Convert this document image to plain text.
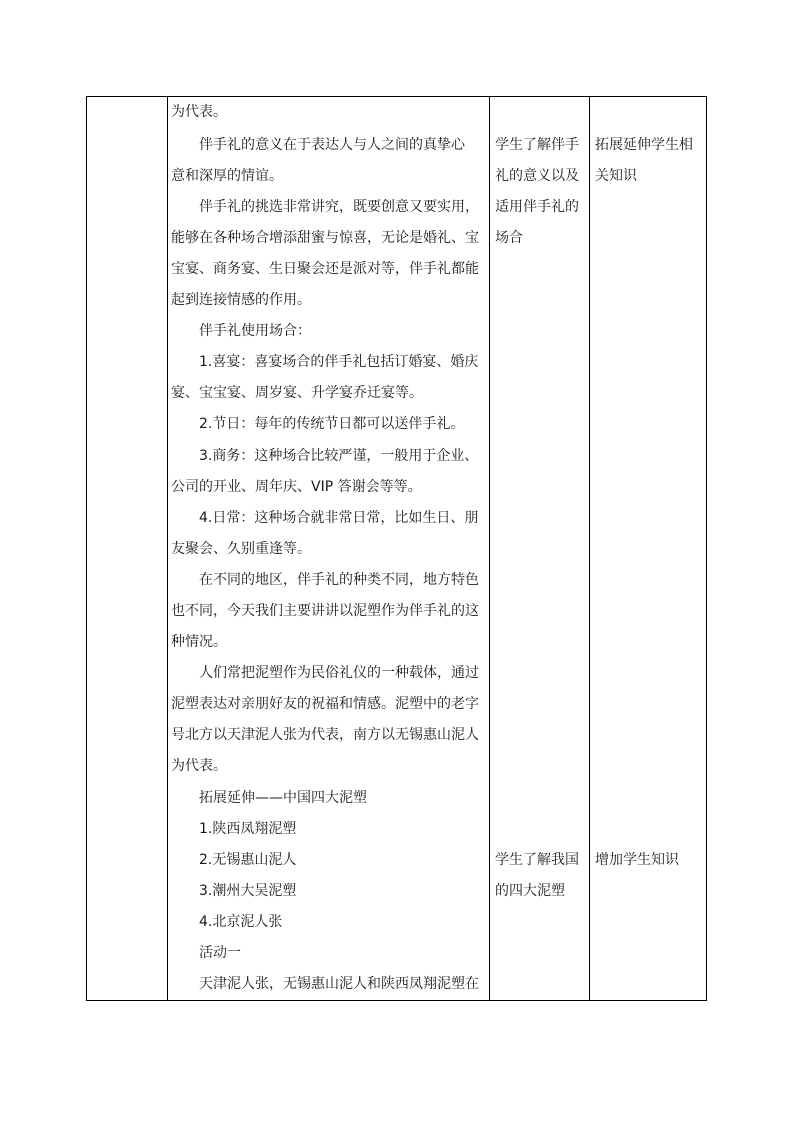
为代表。

伴手礼的意义在于表达人与人之间的真挚心

意和深厚的情谊。

伴手礼的挑选非常讲究，既要创意又要实用，

能够在各种场合增添甜蜜与惊喜，无论是婚礼、宝

宝宴、商务宴、生日聚会还是派对等，伴手礼都能

起到连接情感的作用。

伴手礼使用场合：

1.喜宴：喜宴场合的伴手礼包括订婚宴、婚庆

宴、宝宝宴、周岁宴、升学宴乔迁宴等。

2.节日：每年的传统节日都可以送伴手礼。

3.商务：这种场合比较严谨，一般用于企业、

公司的开业、周年庆、VIP 答谢会等等。

4.日常：这种场合就非常日常，比如生日、朋

友聚会、久别重逢等。

在不同的地区，伴手礼的种类不同，地方特色

也不同，今天我们主要讲讲以泥塑作为伴手礼的这

种情况。

人们常把泥塑作为民俗礼仪的一种载体，通过

泥塑表达对亲朋好友的祝福和情感。泥塑中的老字

号北方以天津泥人张为代表，南方以无锡惠山泥人

为代表。

拓展延伸——中国四大泥塑

1.陕西凤翔泥塑

2.无锡惠山泥人

3.潮州大吴泥塑

4.北京泥人张

活动一

天津泥人张，无锡惠山泥人和陕西凤翔泥塑在

学生了解伴手

礼的意义以及

适用伴手礼的

场合

学生了解我国

的四大泥塑

拓展延伸学生相

关知识

增加学生知识
